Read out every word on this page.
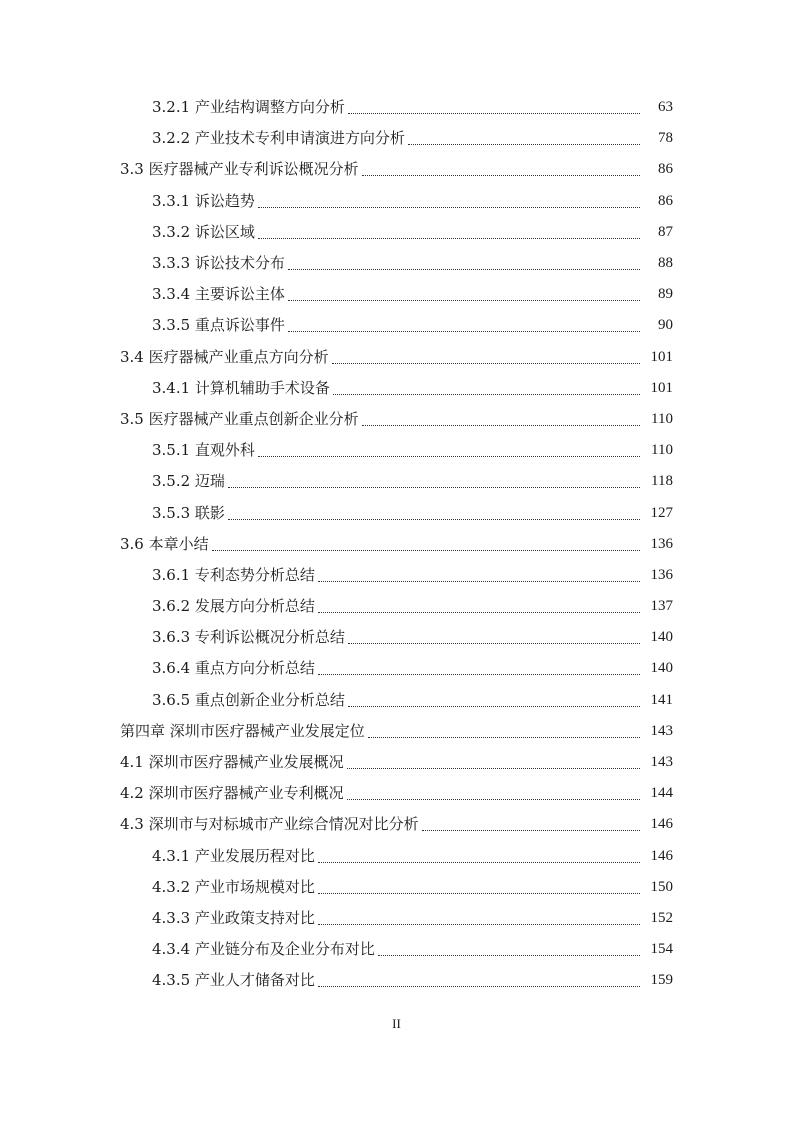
3.2.1 产业结构调整方向分析	63
3.2.2 产业技术专利申请演进方向分析	78
3.3 医疗器械产业专利诉讼概况分析	86
3.3.1 诉讼趋势	86
3.3.2 诉讼区域	87
3.3.3 诉讼技术分布	88
3.3.4 主要诉讼主体	89
3.3.5 重点诉讼事件	90
3.4 医疗器械产业重点方向分析	101
3.4.1 计算机辅助手术设备	101
3.5 医疗器械产业重点创新企业分析	110
3.5.1 直观外科	110
3.5.2 迈瑞	118
3.5.3 联影	127
3.6 本章小结	136
3.6.1 专利态势分析总结	136
3.6.2 发展方向分析总结	137
3.6.3 专利诉讼概况分析总结	140
3.6.4 重点方向分析总结	140
3.6.5 重点创新企业分析总结	141
第四章 深圳市医疗器械产业发展定位	143
4.1 深圳市医疗器械产业发展概况	143
4.2 深圳市医疗器械产业专利概况	144
4.3 深圳市与对标城市产业综合情况对比分析	146
4.3.1 产业发展历程对比	146
4.3.2 产业市场规模对比	150
4.3.3 产业政策支持对比	152
4.3.4 产业链分布及企业分布对比	154
4.3.5 产业人才储备对比	159
II
